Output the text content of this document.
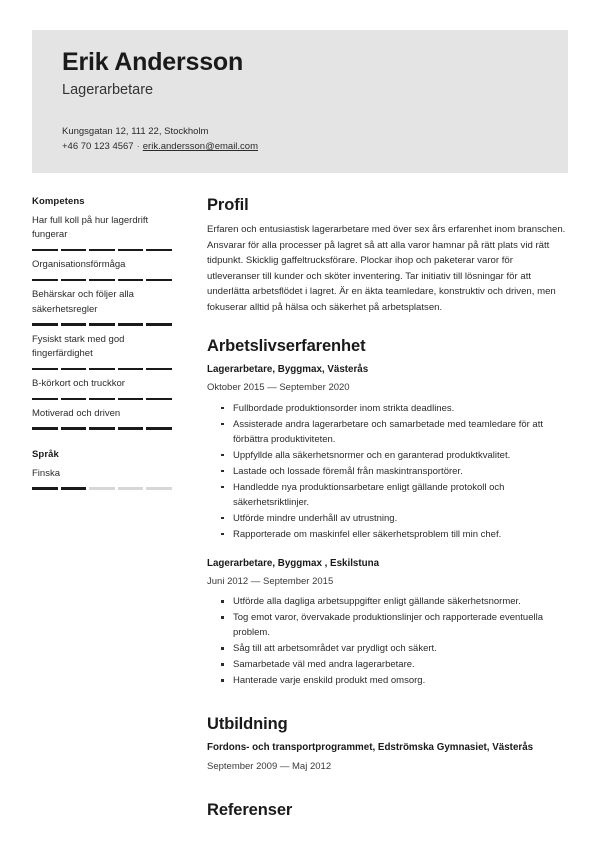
Erik Andersson
Lagerarbetare
Kungsgatan 12, 111 22, Stockholm
+46 70 123 4567 · erik.andersson@email.com
Kompetens
Har full koll på hur lagerdrift fungerar
Organisationsförmåga
Behärskar och följer alla säkerhetsregler
Fysiskt stark med god fingerfärdighet
B-körkort och truckkor
Motiverad och driven
Språk
Finska
Profil

Erfaren och entusiastisk lagerarbetare med över sex års erfarenhet inom branschen. Ansvarar för alla processer på lagret så att alla varor hamnar på rätt plats vid rätt tidpunkt. Skicklig gaffeltrucksförare. Plockar ihop och paketerar varor för utleveranser till kunder och sköter inventering. Tar initiativ till lösningar för att underlätta arbetsflödet i lagret. Är en äkta teamledare, konstruktiv och driven, men fokuserar alltid på hälsa och säkerhet på arbetsplatsen.

Arbetslivserfarenhet
Lagerarbetare, Byggmax, Västerås
Oktober 2015 — September 2020
Fullbordade produktionsorder inom strikta deadlines.
Assisterade andra lagerarbetare och samarbetade med teamledare för att förbättra produktiviteten.
Uppfyllde alla säkerhetsnormer och en garanterad produktkvalitet.
Lastade och lossade föremål från maskintransportörer.
Handledde nya produktionsarbetare enligt gällande protokoll och säkerhetsriktlinjer.
Utförde mindre underhåll av utrustning.
Rapporterade om maskinfel eller säkerhetsproblem till min chef.
Lagerarbetare, Byggmax , Eskilstuna
Juni 2012 — September 2015
Utförde alla dagliga arbetsuppgifter enligt gällande säkerhetsnormer.
Tog emot varor, övervakade produktionslinjer och rapporterade eventuella problem.
Såg till att arbetsområdet var prydligt och säkert.
Samarbetade väl med andra lagerarbetare.
Hanterade varje enskild produkt med omsorg.
Utbildning
Fordons- och transportprogrammet, Edströmska Gymnasiet, Västerås
September 2009 — Maj 2012
Referenser
